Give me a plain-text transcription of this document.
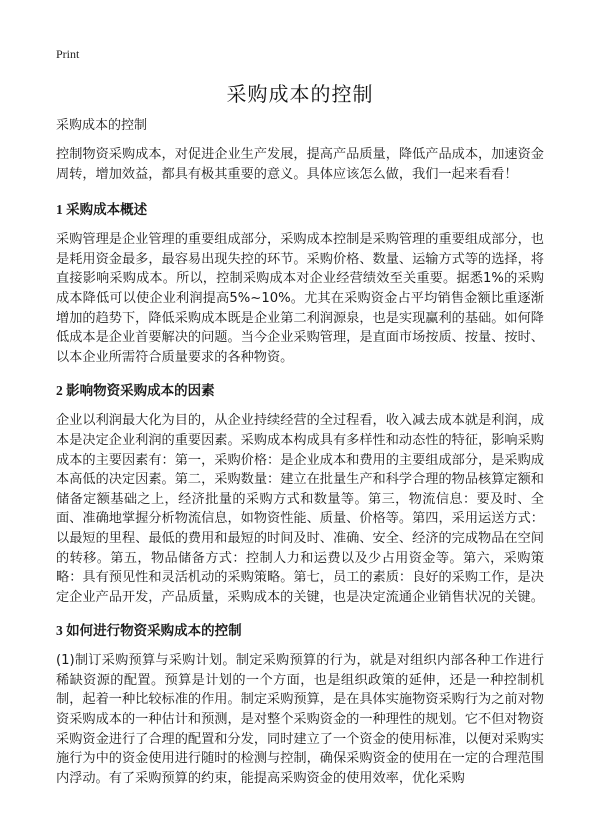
Print
采购成本的控制

采购成本的控制

控制物资采购成本，对促进企业生产发展，提高产品质量，降低产品成本，加速资金周转，增加效益，都具有极其重要的意义。具体应该怎么做，我们一起来看看！

1 采购成本概述

采购管理是企业管理的重要组成部分，采购成本控制是采购管理的重要组成部分，也是耗用资金最多，最容易出现失控的环节。采购价格、数量、运输方式等的选择，将直接影响采购成本。所以，控制采购成本对企业经营绩效至关重要。据悉1%的采购成本降低可以使企业利润提高5%~10%。尤其在采购资金占平均销售金额比重逐渐增加的趋势下，降低采购成本既是企业第二利润源泉，也是实现赢利的基础。如何降低成本是企业首要解决的问题。当今企业采购管理，是直面市场按质、按量、按时、以本企业所需符合质量要求的各种物资。

2 影响物资采购成本的因素

企业以利润最大化为目的，从企业持续经营的全过程看，收入减去成本就是利润，成本是决定企业利润的重要因素。采购成本构成具有多样性和动态性的特征，影响采购成本的主要因素有：第一，采购价格：是企业成本和费用的主要组成部分，是采购成本高低的决定因素。第二，采购数量：建立在批量生产和科学合理的物品核算定额和储备定额基础之上，经济批量的采购方式和数量等。第三，物流信息：要及时、全面、准确地掌握分析物流信息，如物资性能、质量、价格等。第四，采用运送方式：以最短的里程、最低的费用和最短的时间及时、准确、安全、经济的完成物品在空间的转移。第五，物品储备方式：控制人力和运费以及少占用资金等。第六，采购策略：具有预见性和灵活机动的采购策略。第七，员工的素质：良好的采购工作，是决定企业产品开发，产品质量，采购成本的关键，也是决定流通企业销售状况的关键。

3 如何进行物资采购成本的控制

(1)制订采购预算与采购计划。制定采购预算的行为，就是对组织内部各种工作进行稀缺资源的配置。预算是计划的一个方面，也是组织政策的延伸，还是一种控制机制，起着一种比较标准的作用。制定采购预算，是在具体实施物资采购行为之前对物资采购成本的一种估计和预测，是对整个采购资金的一种理性的规划。它不但对物资采购资金进行了合理的配置和分发，同时建立了一个资金的使用标准，以便对采购实施行为中的资金使用进行随时的检测与控制，确保采购资金的使用在一定的合理范围内浮动。有了采购预算的约束，能提高采购资金的使用效率，优化采购
